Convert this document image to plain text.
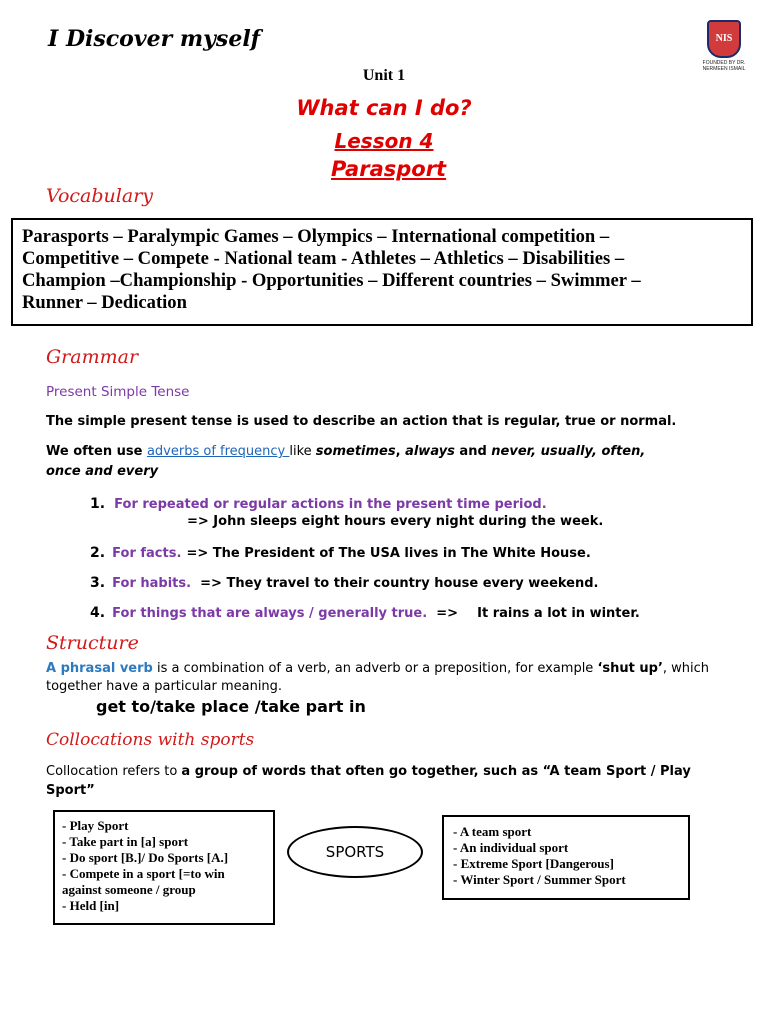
I Discover myself	NIS
FOUNDED BY DR. NERMEEN ISMAIL
Unit 1
What can I do?
Lesson 4
Parasport
Vocabulary
Parasports – Paralympic Games – Olympics – International competition –
Competitive – Compete - National team - Athletes – Athletics – Disabilities –
Champion –Championship - Opportunities – Different countries – Swimmer –
Runner – Dedication
Grammar
Present Simple Tense
The simple present tense is used to describe an action that is regular, true or normal.
We often use adverbs of frequency like sometimes, always and never, usually, often,
once and every
1. For repeated or regular actions in the present time period.
=> John sleeps eight hours every night during the week.
2. For facts. => The President of The USA lives in The White House.
3. For habits. => They travel to their country house every weekend.
4. For things that are always / generally true. => It rains a lot in winter.
Structure
A phrasal verb is a combination of a verb, an adverb or a preposition, for example ‘shut up’, which
together have a particular meaning.
get to/take place /take part in
Collocations with sports
Collocation refers to a group of words that often go together, such as “A team Sport / Play
Sport”
- Play Sport
- Take part in [a] sport
- Do sport [B.]/ Do Sports [A.]
- Compete in a sport [=to win
against someone / group
- Held [in]
SPORTS
- A team sport
- An individual sport
- Extreme Sport [Dangerous]
- Winter Sport / Summer Sport
